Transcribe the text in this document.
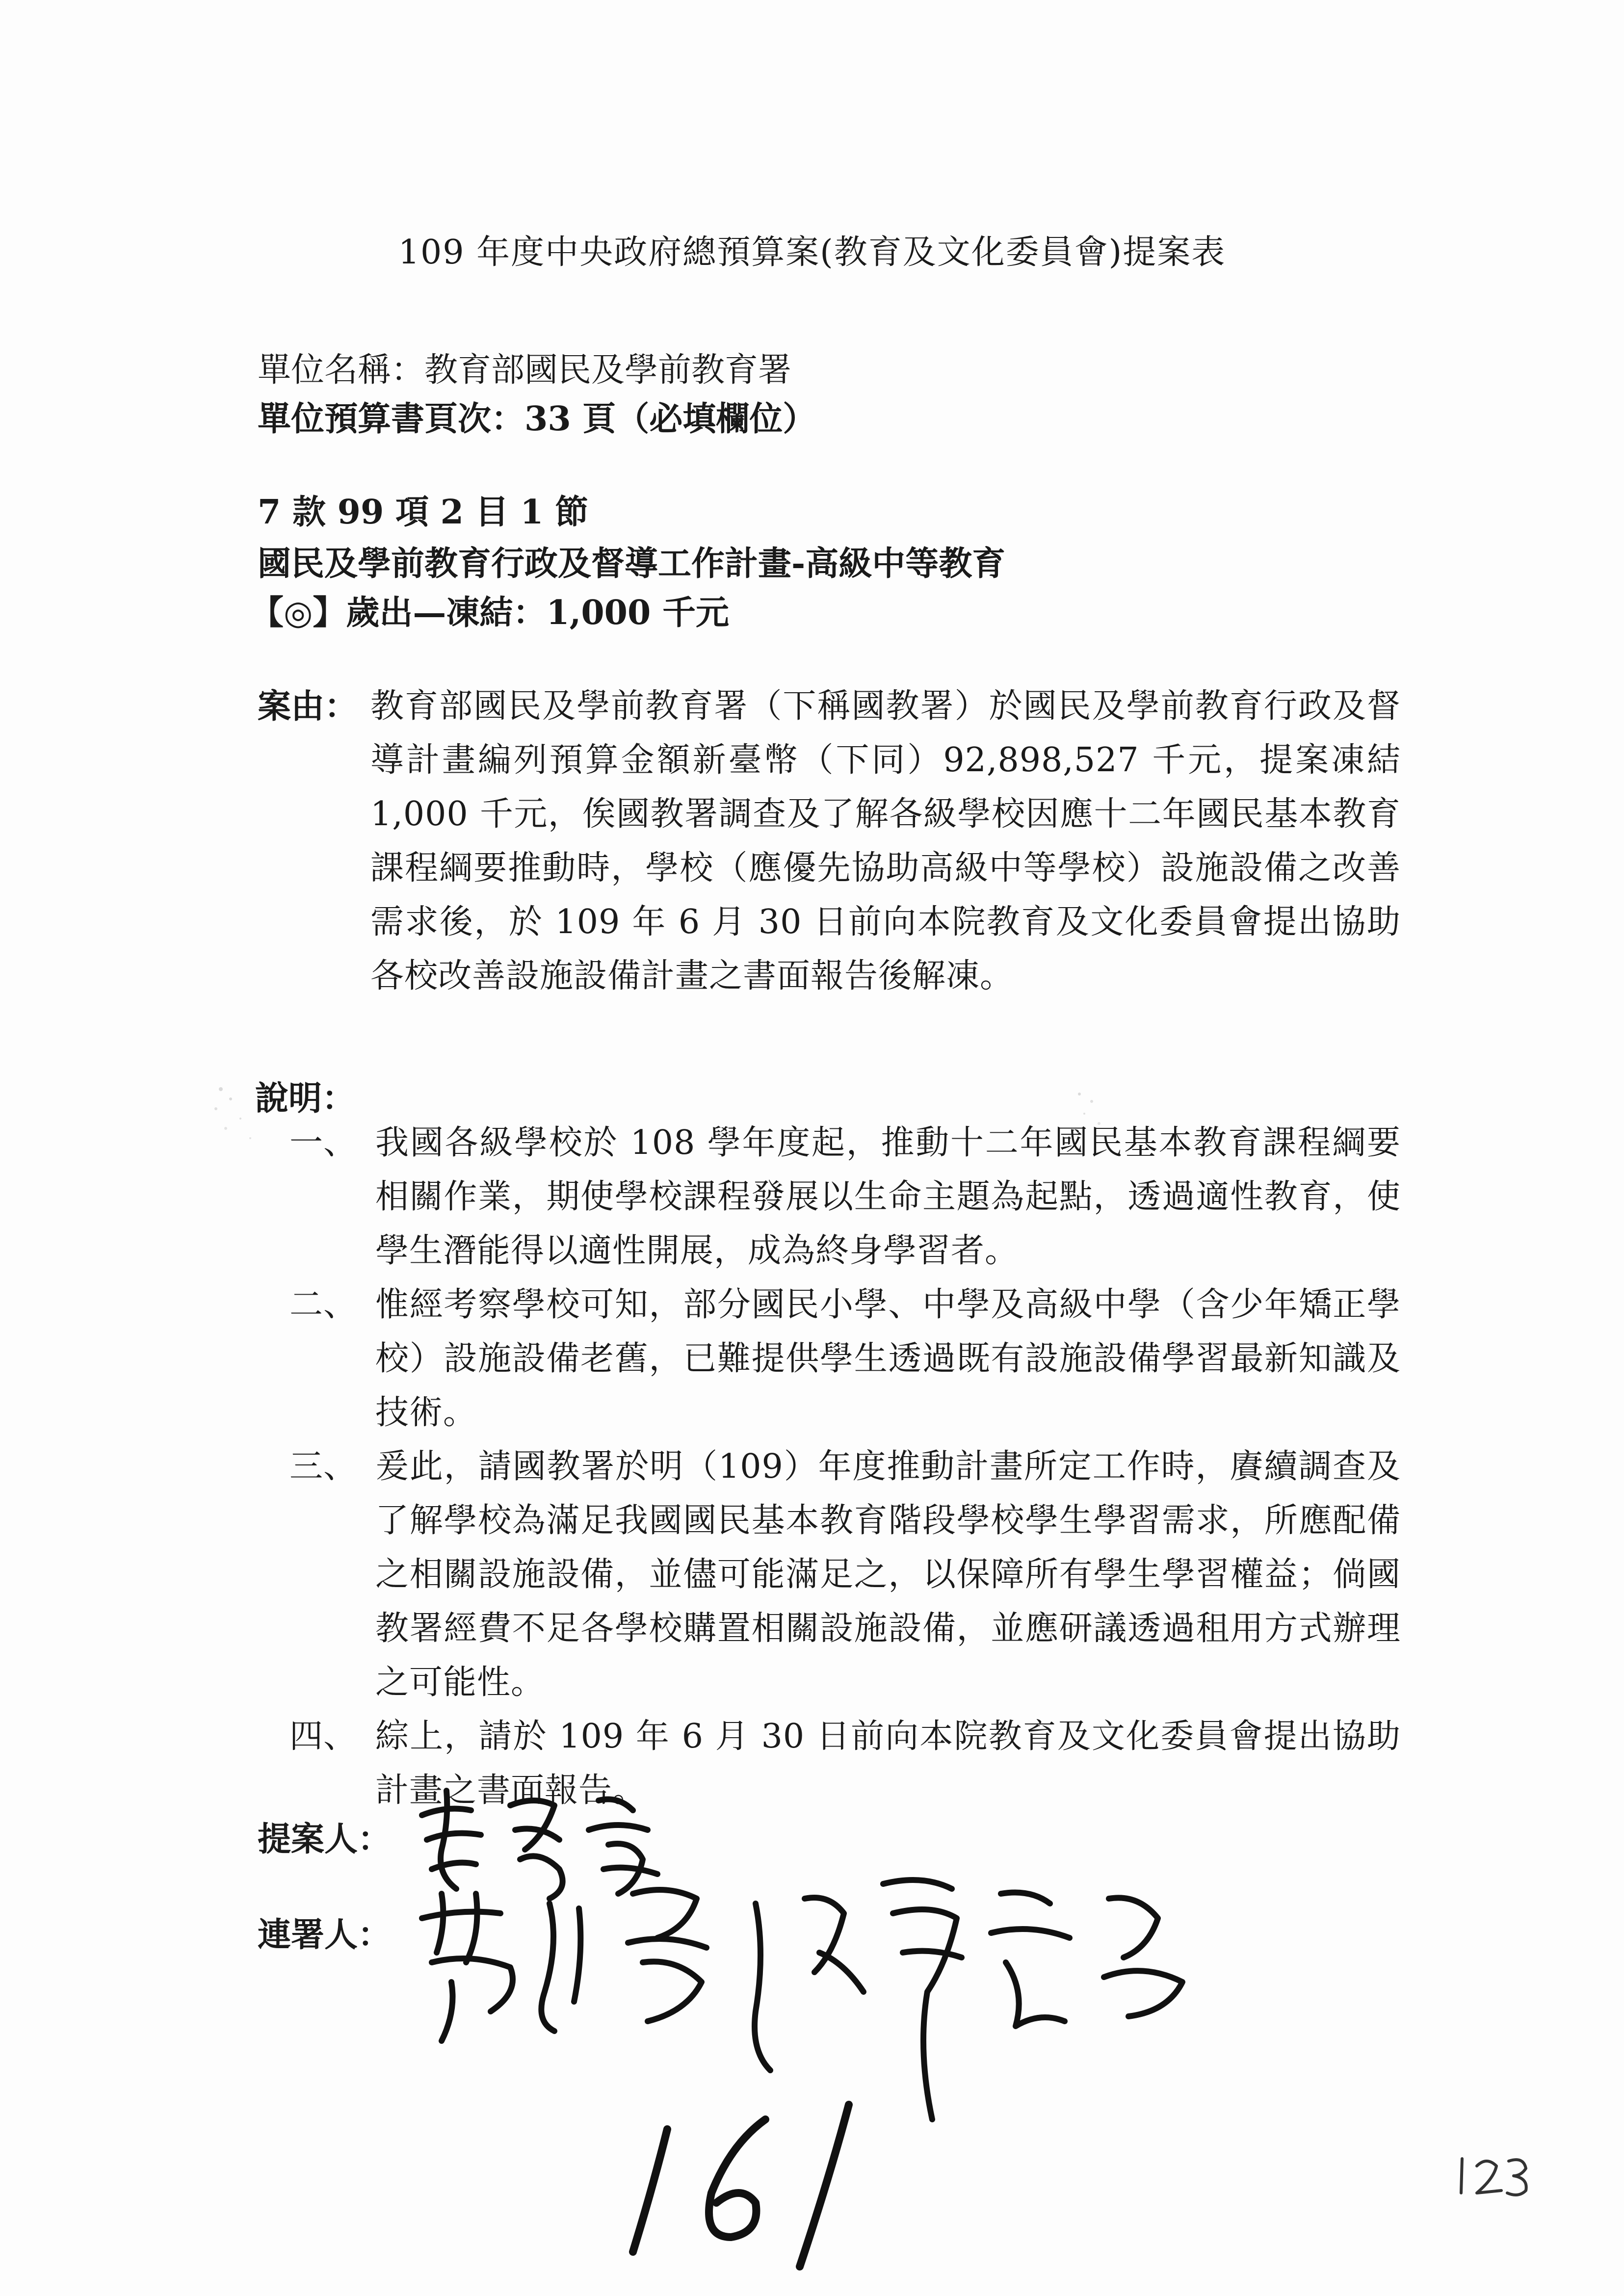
109 年度中央政府總預算案(教育及文化委員會)提案表
單位名稱：教育部國民及學前教育署
單位預算書頁次：33 頁（必填欄位）
7 款 99 項 2 目 1 節
國民及學前教育行政及督導工作計畫-高級中等教育
【◎】歲出—凍結：1,000 千元
案由： 教育部國民及學前教育署（下稱國教署）於國民及學前教育行政及督導計畫編列預算金額新臺幣（下同）92,898,527 千元，提案凍結 1,000 千元，俟國教署調查及了解各級學校因應十二年國民基本教育課程綱要推動時，學校（應優先協助高級中等學校）設施設備之改善需求後，於 109 年 6 月 30 日前向本院教育及文化委員會提出協助各校改善設施設備計畫之書面報告後解凍。
說明：
一、 我國各級學校於 108 學年度起，推動十二年國民基本教育課程綱要相關作業，期使學校課程發展以生命主題為起點，透過適性教育，使學生潛能得以適性開展，成為終身學習者。
二、 惟經考察學校可知，部分國民小學、中學及高級中學（含少年矯正學校）設施設備老舊，已難提供學生透過既有設施設備學習最新知識及技術。
三、 爰此，請國教署於明（109）年度推動計畫所定工作時，賡續調查及了解學校為滿足我國國民基本教育階段學校學生學習需求，所應配備之相關設施設備，並儘可能滿足之，以保障所有學生學習權益；倘國教署經費不足各學校購置相關設施設備，並應研議透過租用方式辦理之可能性。
四、 綜上，請於 109 年 6 月 30 日前向本院教育及文化委員會提出協助計畫之書面報告。
提案人：
連署人：
